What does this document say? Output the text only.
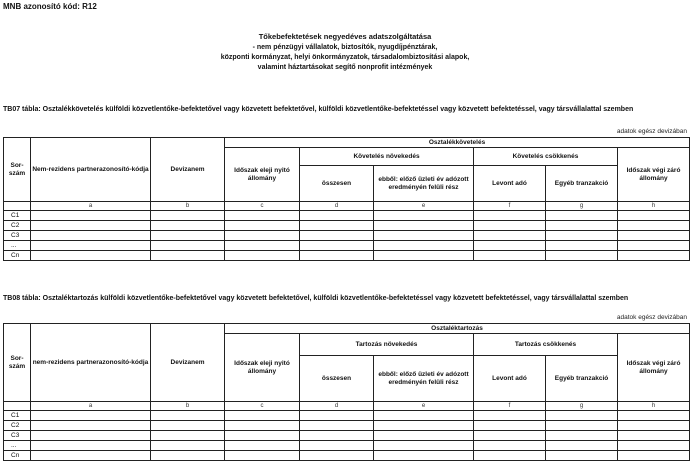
MNB azonosító kód: R12
Tőkebefektetések negyedéves adatszolgáltatása
- nem pénzügyi vállalatok, biztosítók, nyugdíjpénztárak,
központi kormányzat, helyi önkormányzatok, társadalombiztosítási alapok,
valamint háztartásokat segítő nonprofit intézmények
TB07 tábla: Osztalékkövetelés külföldi közvetlentőke-befektetővel vagy közvetett befektetővel, külföldi közvetlentőke-befektetéssel vagy közvetett befektetéssel, vagy társvállalattal szemben
adatok egész devizában
Sor-szám	Nem-rezidens partnerazonosító-kódja	Devizanem	Osztalékkövetelés					
			Időszak eleji nyitó állomány	Követelés növekedés		Követelés csökkenés		Időszak végi záró állomány
				összesen	ebből: előző üzleti év adózott eredményén felüli rész	Levont adó	Egyéb tranzakció	
	a	b	c	d	e	f	g	h
C1								
C2								
C3								
...								
Cn								
TB08 tábla: Osztaléktartozás külföldi közvetlentőke-befektetővel vagy közvetett befektetővel, külföldi közvetlentőke-befektetéssel vagy közvetett befektetéssel, vagy társvállalattal szemben
adatok egész devizában
Sor-szám	nem-rezidens partnerazonosító-kódja	Devizanem	Osztaléktartozás					
			Időszak eleji nyitó állomány	Tartozás növekedés		Tartozás csökkenés		Időszak végi záró állomány
				összesen	ebből: előző üzleti év adózott eredményén felüli rész	Levont adó	Egyéb tranzakció	
	a	b	c	d	e	f	g	h
C1								
C2								
C3								
...								
Cn								
